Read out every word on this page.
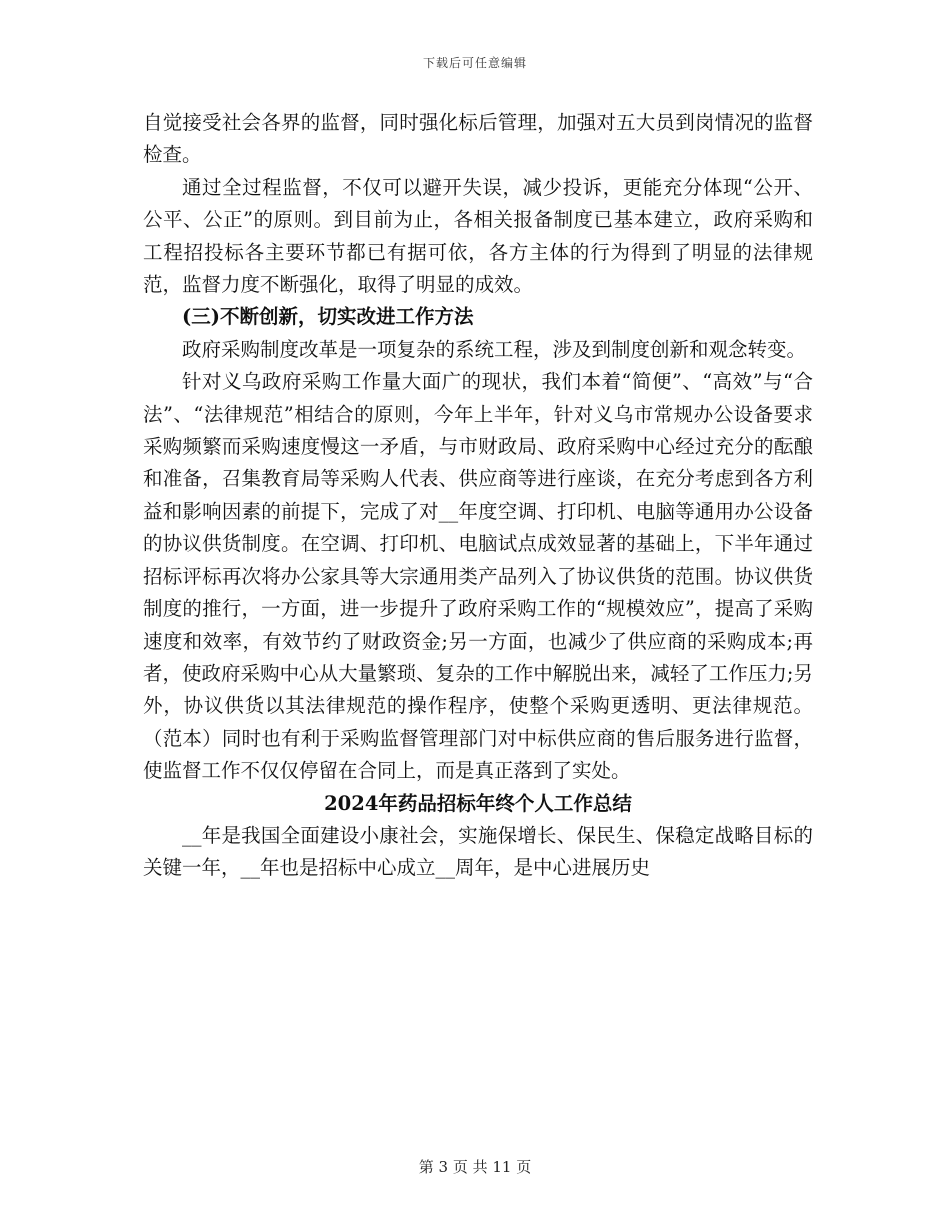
下载后可任意编辑

自觉接受社会各界的监督，同时强化标后管理，加强对五大员到岗情况的监督检查。

通过全过程监督，不仅可以避开失误，减少投诉，更能充分体现“公开、公平、公正”的原则。到目前为止，各相关报备制度已基本建立，政府采购和工程招投标各主要环节都已有据可依，各方主体的行为得到了明显的法律规范，监督力度不断强化，取得了明显的成效。

(三)不断创新，切实改进工作方法

政府采购制度改革是一项复杂的系统工程，涉及到制度创新和观念转变。

针对义乌政府采购工作量大面广的现状，我们本着“简便”、“高效”与“合法”、“法律规范”相结合的原则，今年上半年，针对义乌市常规办公设备要求采购频繁而采购速度慢这一矛盾，与市财政局、政府采购中心经过充分的酝酿和准备，召集教育局等采购人代表、供应商等进行座谈，在充分考虑到各方利益和影响因素的前提下，完成了对__年度空调、打印机、电脑等通用办公设备的协议供货制度。在空调、打印机、电脑试点成效显著的基础上，下半年通过招标评标再次将办公家具等大宗通用类产品列入了协议供货的范围。协议供货制度的推行，一方面，进一步提升了政府采购工作的“规模效应”，提高了采购速度和效率，有效节约了财政资金;另一方面，也减少了供应商的采购成本;再者，使政府采购中心从大量繁琐、复杂的工作中解脱出来，减轻了工作压力;另外，协议供货以其法律规范的操作程序，使整个采购更透明、更法律规范。（范本）同时也有利于采购监督管理部门对中标供应商的售后服务进行监督，使监督工作不仅仅停留在合同上，而是真正落到了实处。

2024年药品招标年终个人工作总结

__年是我国全面建设小康社会，实施保增长、保民生、保稳定战略目标的关键一年，__年也是招标中心成立__周年，是中心进展历史

第 3 页 共 11 页
